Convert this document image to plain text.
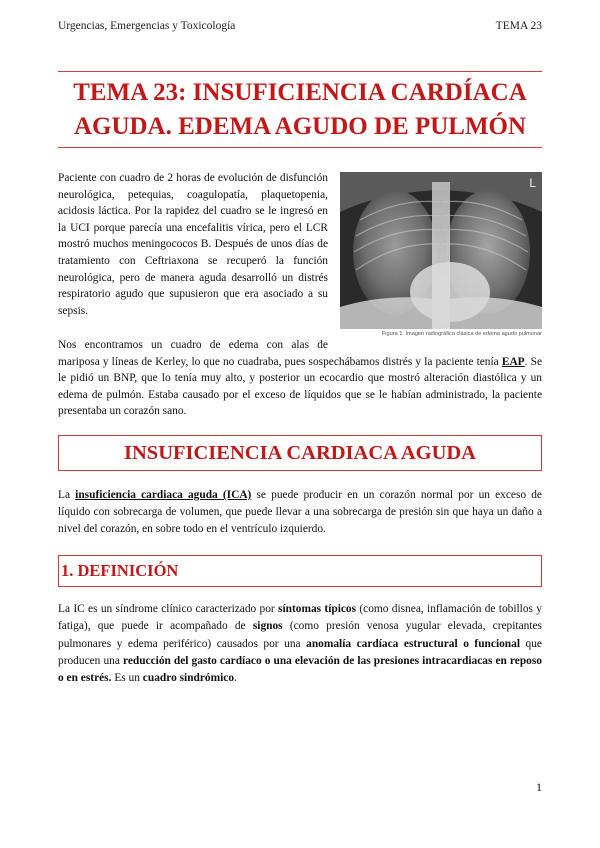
Urgencias, Emergencias y Toxicología	TEMA 23
TEMA 23: INSUFICIENCIA CARDÍACA
AGUDA. EDEMA AGUDO DE PULMÓN
Paciente con cuadro de 2 horas de evolución de disfunción neurológica, petequias, coagulopatía, plaquetopenia, acidosis láctica. Por la rapidez del cuadro se le ingresó en la UCI porque parecía una encefalitis vírica, pero el LCR mostró muchos meningococos B. Después de unos días de tratamiento con Ceftriaxona se recuperó la función neurológica, pero de manera aguda desarrolló un distrés respiratorio agudo que supusieron que era asociado a su sepsis.
L
Figura 1. Imagen radiográfica clásica de edema agudo pulmonar
Nos encontramos un cuadro de edema con alas de
mariposa y líneas de Kerley, lo que no cuadraba, pues sospechábamos distrés y la paciente tenía EAP. Se le pidió un BNP, que lo tenía muy alto, y posterior un ecocardio que mostró alteración diastólica y un edema de pulmón. Estaba causado por el exceso de líquidos que se le habían administrado, la paciente presentaba un corazón sano.
INSUFICIENCIA CARDIACA AGUDA
La insuficiencia cardiaca aguda (ICA) se puede producir en un corazón normal por un exceso de líquido con sobrecarga de volumen, que puede llevar a una sobrecarga de presión sin que haya un daño a nivel del corazón, en sobre todo en el ventrículo izquierdo.
1. DEFINICIÓN
La IC es un síndrome clínico caracterizado por síntomas típicos (como disnea, inflamación de tobillos y fatiga), que puede ir acompañado de signos (como presión venosa yugular elevada, crepitantes pulmonares y edema periférico) causados por una anomalía cardíaca estructural o funcional que producen una reducción del gasto cardíaco o una elevación de las presiones intracardiacas en reposo o en estrés. Es un cuadro sindrómico.
1
